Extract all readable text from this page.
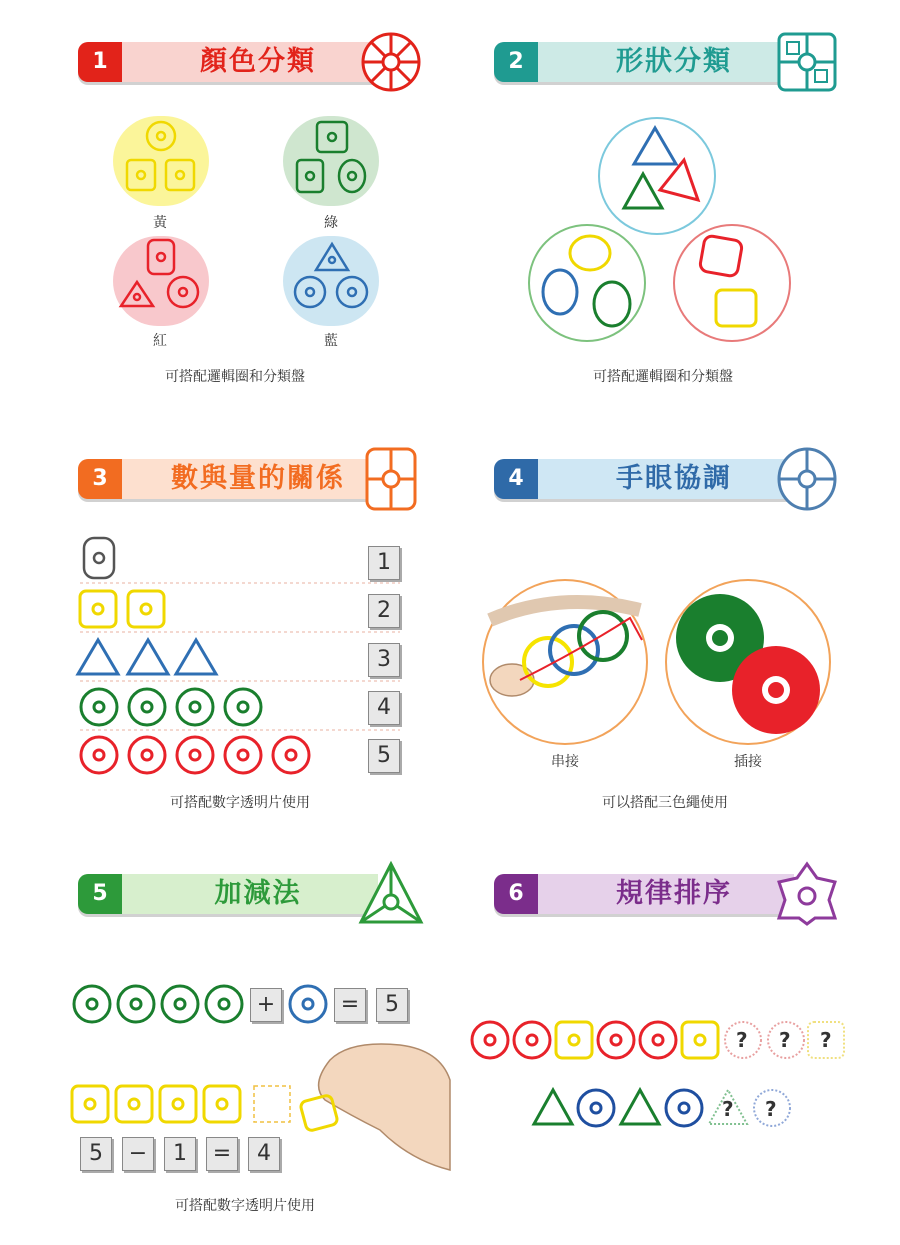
1	顏色分類
黃	綠
紅	藍
可搭配邏輯圈和分類盤
2	形狀分類
可搭配邏輯圈和分類盤
3	數與量的關係
1
2
3
4
5
可搭配數字透明片使用
4	手眼協調
串接	插接
可以搭配三色繩使用
5	加減法
+	=	5
5	−	1	=	4
可搭配數字透明片使用
6	規律排序
? ? ?
? ?
